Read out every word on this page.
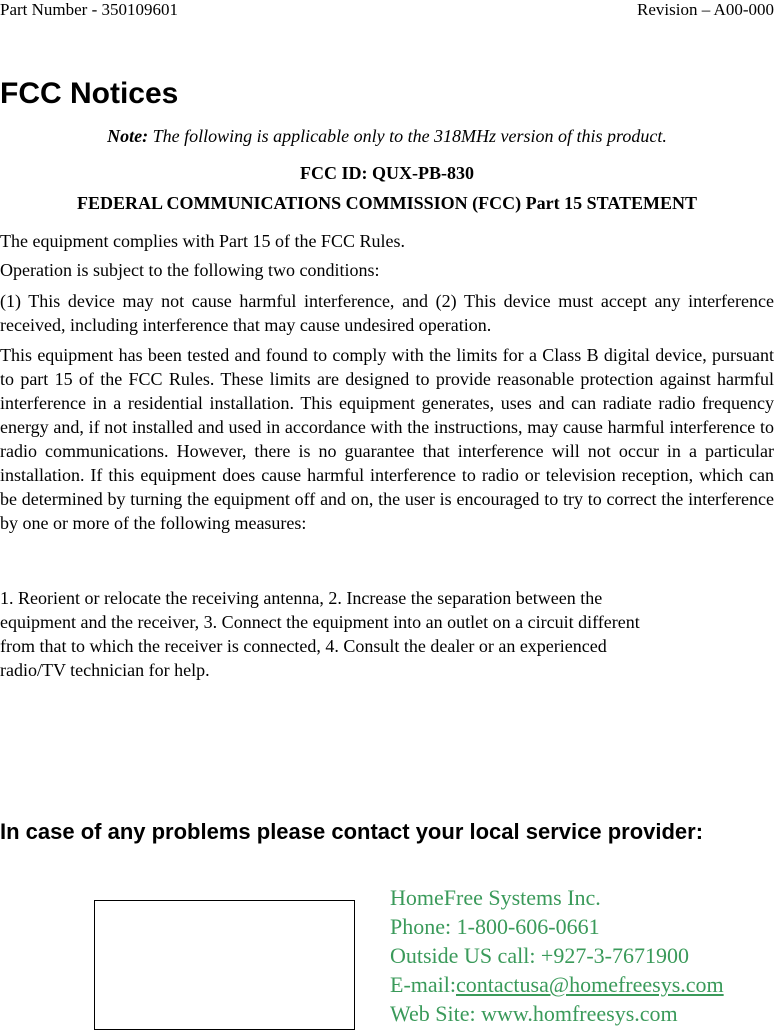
Part Number - 350109601	Revision – A00-000
FCC Notices
Note: The following is applicable only to the 318MHz version of this product.
FCC ID: QUX-PB-830
FEDERAL COMMUNICATIONS COMMISSION (FCC) Part 15 STATEMENT

The equipment complies with Part 15 of the FCC Rules.

Operation is subject to the following two conditions:

(1) This device may not cause harmful interference, and (2) This device must accept any interference received, including interference that may cause undesired operation.

This equipment has been tested and found to comply with the limits for a Class B digital device, pursuant to part 15 of the FCC Rules. These limits are designed to provide reasonable protection against harmful interference in a residential installation. This equipment generates, uses and can radiate radio frequency energy and, if not installed and used in accordance with the instructions, may cause harmful interference to radio communications. However, there is no guarantee that interference will not occur in a particular installation. If this equipment does cause harmful interference to radio or television reception, which can be determined by turning the equipment off and on, the user is encouraged to try to correct the interference by one or more of the following measures:

1. Reorient or relocate the receiving antenna, 2. Increase the separation between the
equipment and the receiver, 3. Connect the equipment into an outlet on a circuit different
from that to which the receiver is connected, 4. Consult the dealer or an experienced
radio/TV technician for help.
In case of any problems please contact your local service provider:
HomeFree Systems Inc.
Phone: 1-800-606-0661
Outside US call: +927-3-7671900
E-mail:contactusa@homefreesys.com
Web Site: www.homfreesys.com
